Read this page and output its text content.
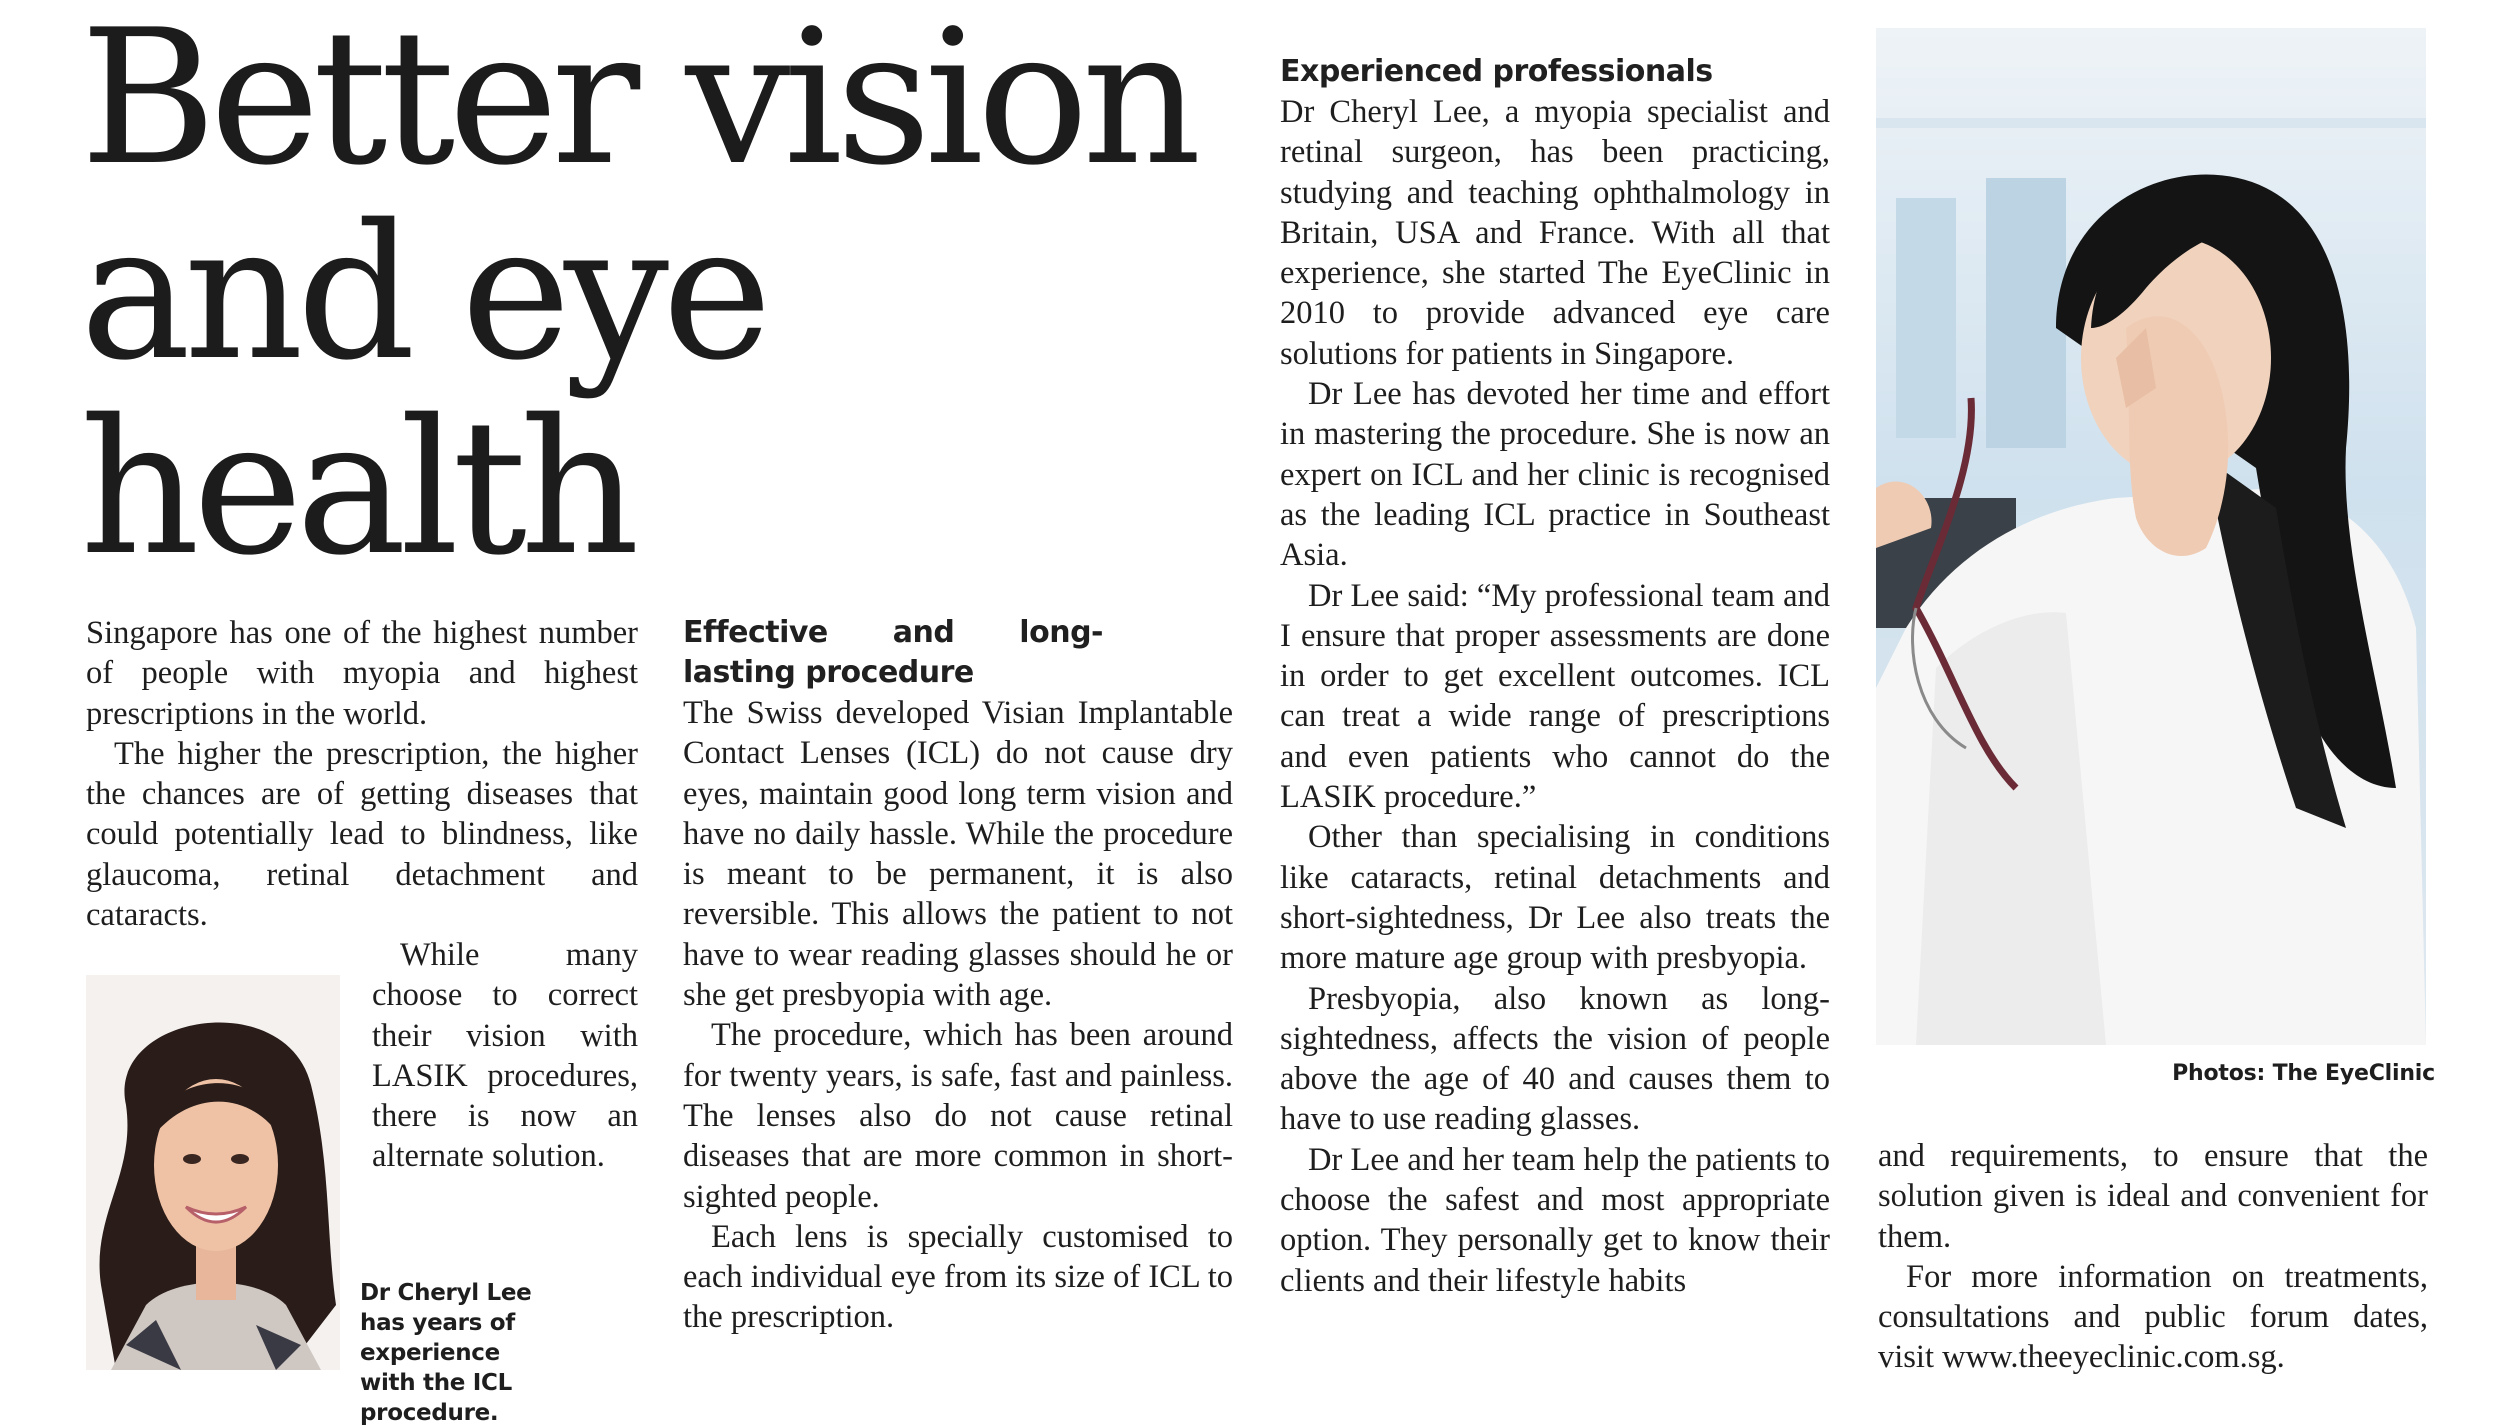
Better vision
and eye health

Singapore has one of the highest number of people with myopia and highest prescriptions in the world.

The higher the prescription, the higher the chances are of getting diseases that could potentially lead to blindness, like glaucoma, retinal detachment and cataracts.

While many choose to correct their vision with LASIK procedures, there is now an alternate solution.

Dr Cheryl Lee
has years of experience
with the ICL procedure.
Effective and long-lasting procedure

The Swiss developed Visian Implantable Contact Lenses (ICL) do not cause dry eyes, maintain good long term vision and have no daily hassle. While the procedure is meant to be permanent, it is also reversible. This allows the patient to not have to wear reading glasses should he or she get presbyopia with age.

The procedure, which has been around for twenty years, is safe, fast and painless. The lenses also do not cause retinal diseases that are more common in short-sighted people.

Each lens is specially customised to each individual eye from its size of ICL to the prescription.

Experienced professionals

Dr Cheryl Lee, a myopia specialist and retinal surgeon, has been practicing, studying and teaching ophthalmology in Britain, USA and France. With all that experience, she started The EyeClinic in 2010 to provide advanced eye care solutions for patients in Singapore.

Dr Lee has devoted her time and effort in mastering the procedure. She is now an expert on ICL and her clinic is recognised as the leading ICL practice in Southeast Asia.

Dr Lee said: “My professional team and I ensure that proper assessments are done in order to get excellent outcomes. ICL can treat a wide range of prescriptions and even patients who cannot do the LASIK procedure.”

Other than specialising in conditions like cataracts, retinal detachments and short-sightedness, Dr Lee also treats the more mature age group with presbyopia.

Presbyopia, also known as long-sightedness, affects the vision of people above the age of 40 and causes them to have to use reading glasses.

Dr Lee and her team help the patients to choose the safest and most appropriate option. They personally get to know their clients and their lifestyle habits

Photos: The EyeClinic

and requirements, to ensure that the solution given is ideal and convenient for them.

For more information on treatments, consultations and public forum dates, visit www.theeyeclinic.com.sg.
